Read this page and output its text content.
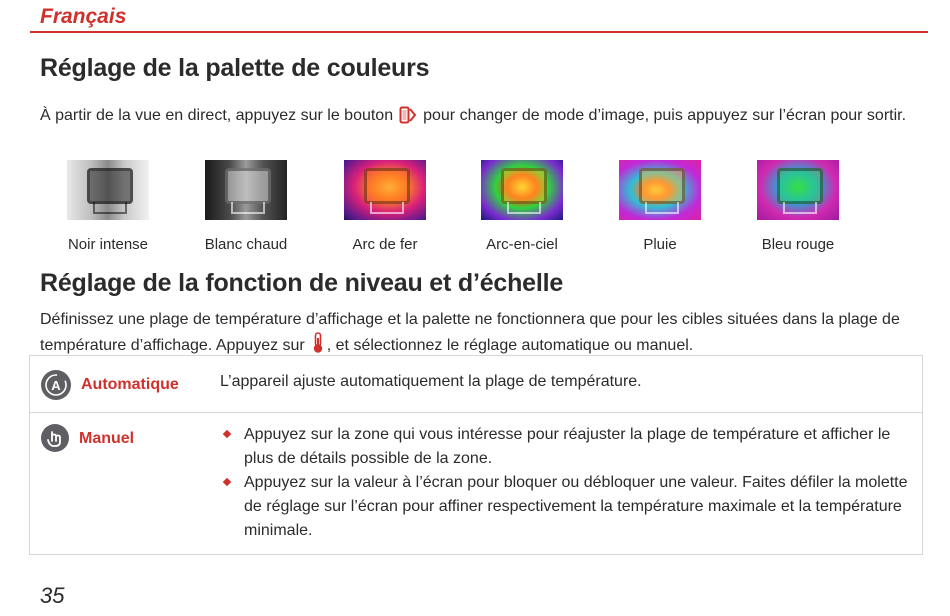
Français
Réglage de la palette de couleurs
À partir de la vue en direct, appuyez sur le bouton pour changer de mode d’image, puis appuyez sur l’écran pour sortir.
Noir intense	Blanc chaud	Arc de fer	Arc-en-ciel	Pluie	Bleu rouge
Réglage de la fonction de niveau et d’échelle
Définissez une plage de température d’affichage et la palette ne fonctionnera que pour les cibles situées dans la plage de température d’affichage. Appuyez sur , et sélectionnez le réglage automatique ou manuel.
A Automatique	L’appareil ajuste automatiquement la plage de température.
Manuel	Appuyez sur la zone qui vous intéresse pour réajuster la plage de température et afficher le plus de détails possible de la zone.
Appuyez sur la valeur à l’écran pour bloquer ou débloquer une valeur. Faites défiler la molette de réglage sur l’écran pour affiner respectivement la température maximale et la température minimale.
35
